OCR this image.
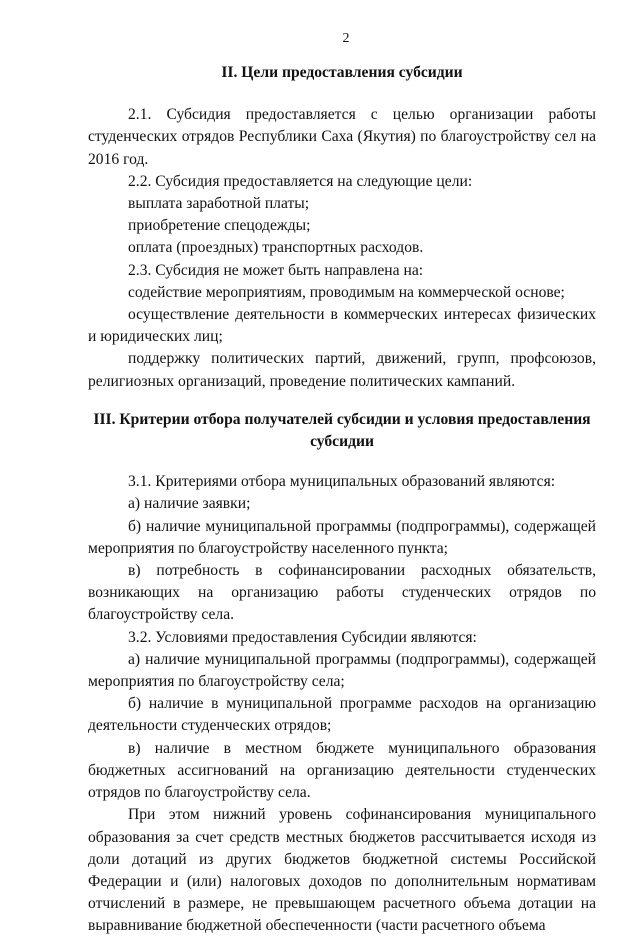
2

II. Цели предоставления субсидии

2.1. Субсидия предоставляется с целью организации работы студенческих отрядов Республики Саха (Якутия) по благоустройству сел на 2016 год.

2.2. Субсидия предоставляется на следующие цели:

выплата заработной платы;

приобретение спецодежды;

оплата (проездных) транспортных расходов.

2.3. Субсидия не может быть направлена на:

содействие мероприятиям, проводимым на коммерческой основе;

осуществление деятельности в коммерческих интересах физических и юридических лиц;

поддержку политических партий, движений, групп, профсоюзов, религиозных организаций, проведение политических кампаний.

III. Критерии отбора получателей субсидии и условия предоставления субсидии

3.1. Критериями отбора муниципальных образований являются:

а) наличие заявки;

б) наличие муниципальной программы (подпрограммы), содержащей мероприятия по благоустройству населенного пункта;

в) потребность в софинансировании расходных обязательств, возникающих на организацию работы студенческих отрядов по благоустройству села.

3.2. Условиями предоставления Субсидии являются:

а) наличие муниципальной программы (подпрограммы), содержащей мероприятия по благоустройству села;

б) наличие в муниципальной программе расходов на организацию деятельности студенческих отрядов;

в) наличие в местном бюджете муниципального образования бюджетных ассигнований на организацию деятельности студенческих отрядов по благоустройству села.

При этом нижний уровень софинансирования муниципального образования за счет средств местных бюджетов рассчитывается исходя из доли дотаций из других бюджетов бюджетной системы Российской Федерации и (или) налоговых доходов по дополнительным нормативам отчислений в размере, не превышающем расчетного объема дотации на выравнивание бюджетной обеспеченности (части расчетного объема
